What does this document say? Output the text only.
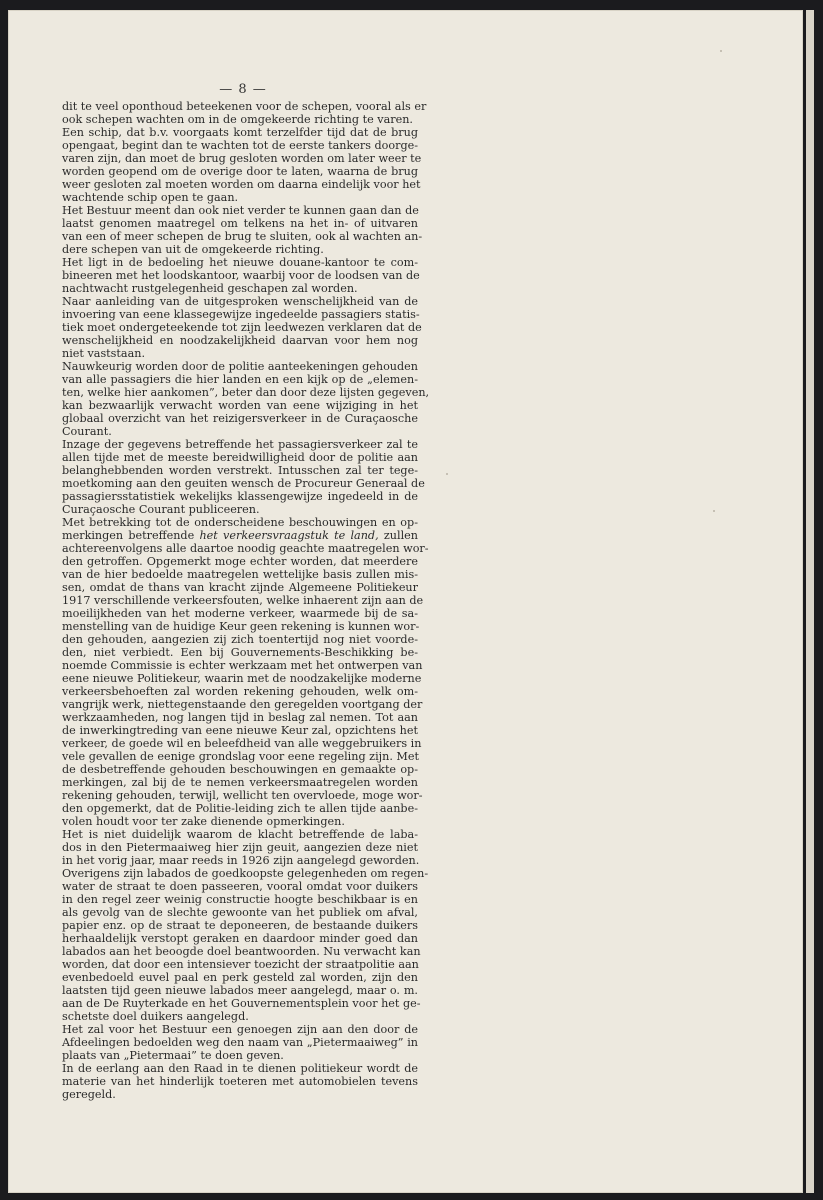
— 8 —

dit te veel oponthoud beteekenen voor de schepen, vooral als er
ook schepen wachten om in de omgekeerde richting te varen.

Een schip, dat b.v. voorgaats komt terzelfder tijd dat de brug
opengaat, begint dan te wachten tot de eerste tankers doorge-
varen zijn, dan moet de brug gesloten worden om later weer te
worden geopend om de overige door te laten, waarna de brug
weer gesloten zal moeten worden om daarna eindelijk voor het
wachtende schip open te gaan.

Het Bestuur meent dan ook niet verder te kunnen gaan dan de
laatst genomen maatregel om telkens na het in- of uitvaren
van een of meer schepen de brug te sluiten, ook al wachten an-
dere schepen van uit de omgekeerde richting.

Het ligt in de bedoeling het nieuwe douane-kantoor te com-
bineeren met het loodskantoor, waarbij voor de loodsen van de
nachtwacht rustgelegenheid geschapen zal worden.

Naar aanleiding van de uitgesproken wenschelijkheid van de
invoering van eene klassegewijze ingedeelde passagiers statis-
tiek moet ondergeteekende tot zijn leedwezen verklaren dat de
wenschelijkheid en noodzakelijkheid daarvan voor hem nog
niet vaststaan.

Nauwkeurig worden door de politie aanteekeningen gehouden
van alle passagiers die hier landen en een kijk op de „elemen-
ten, welke hier aankomen”, beter dan door deze lijsten gegeven,
kan bezwaarlijk verwacht worden van eene wijziging in het
globaal overzicht van het reizigersverkeer in de Curaçaosche
Courant.

Inzage der gegevens betreffende het passagiersverkeer zal te
allen tijde met de meeste bereidwilligheid door de politie aan
belanghebbenden worden verstrekt. Intusschen zal ter tege-
moetkoming aan den geuiten wensch de Procureur Generaal de
passagiersstatistiek wekelijks klassengewijze ingedeeld in de
Curaçaosche Courant publiceeren.

Met betrekking tot de onderscheidene beschouwingen en op-
merkingen betreffende het verkeersvraagstuk te land, zullen
achtereenvolgens alle daartoe noodig geachte maatregelen wor-
den getroffen. Opgemerkt moge echter worden, dat meerdere
van de hier bedoelde maatregelen wettelijke basis zullen mis-
sen, omdat de thans van kracht zijnde Algemeene Politiekeur
1917 verschillende verkeersfouten, welke inhaerent zijn aan de
moeilijkheden van het moderne verkeer, waarmede bij de sa-
menstelling van de huidige Keur geen rekening is kunnen wor-
den gehouden, aangezien zij zich toentertijd nog niet voorde-
den, niet verbiedt. Een bij Gouvernements-Beschikking be-
noemde Commissie is echter werkzaam met het ontwerpen van
eene nieuwe Politiekeur, waarin met de noodzakelijke moderne
verkeersbehoeften zal worden rekening gehouden, welk om-
vangrijk werk, niettegenstaande den geregelden voortgang der
werkzaamheden, nog langen tijd in beslag zal nemen. Tot aan
de inwerkingtreding van eene nieuwe Keur zal, opzichtens het
verkeer, de goede wil en beleefdheid van alle weggebruikers in
vele gevallen de eenige grondslag voor eene regeling zijn. Met
de desbetreffende gehouden beschouwingen en gemaakte op-
merkingen, zal bij de te nemen verkeersmaatregelen worden
rekening gehouden, terwijl, wellicht ten overvloede, moge wor-
den opgemerkt, dat de Politie-leiding zich te allen tijde aanbe-
volen houdt voor ter zake dienende opmerkingen.

Het is niet duidelijk waarom de klacht betreffende de laba-
dos in den Pietermaaiweg hier zijn geuit, aangezien deze niet
in het vorig jaar, maar reeds in 1926 zijn aangelegd geworden.
Overigens zijn labados de goedkoopste gelegenheden om regen-
water de straat te doen passeeren, vooral omdat voor duikers
in den regel zeer weinig constructie hoogte beschikbaar is en
als gevolg van de slechte gewoonte van het publiek om afval,
papier enz. op de straat te deponeeren, de bestaande duikers
herhaaldelijk verstopt geraken en daardoor minder goed dan
labados aan het beoogde doel beantwoorden. Nu verwacht kan
worden, dat door een intensiever toezicht der straatpolitie aan
evenbedoeld euvel paal en perk gesteld zal worden, zijn den
laatsten tijd geen nieuwe labados meer aangelegd, maar o. m.
aan de De Ruyterkade en het Gouvernementsplein voor het ge-
schetste doel duikers aangelegd.

Het zal voor het Bestuur een genoegen zijn aan den door de
Afdeelingen bedoelden weg den naam van „Pietermaaiweg” in
plaats van „Pietermaai” te doen geven.

In de eerlang aan den Raad in te dienen politiekeur wordt de
materie van het hinderlijk toeteren met automobielen tevens
geregeld.
